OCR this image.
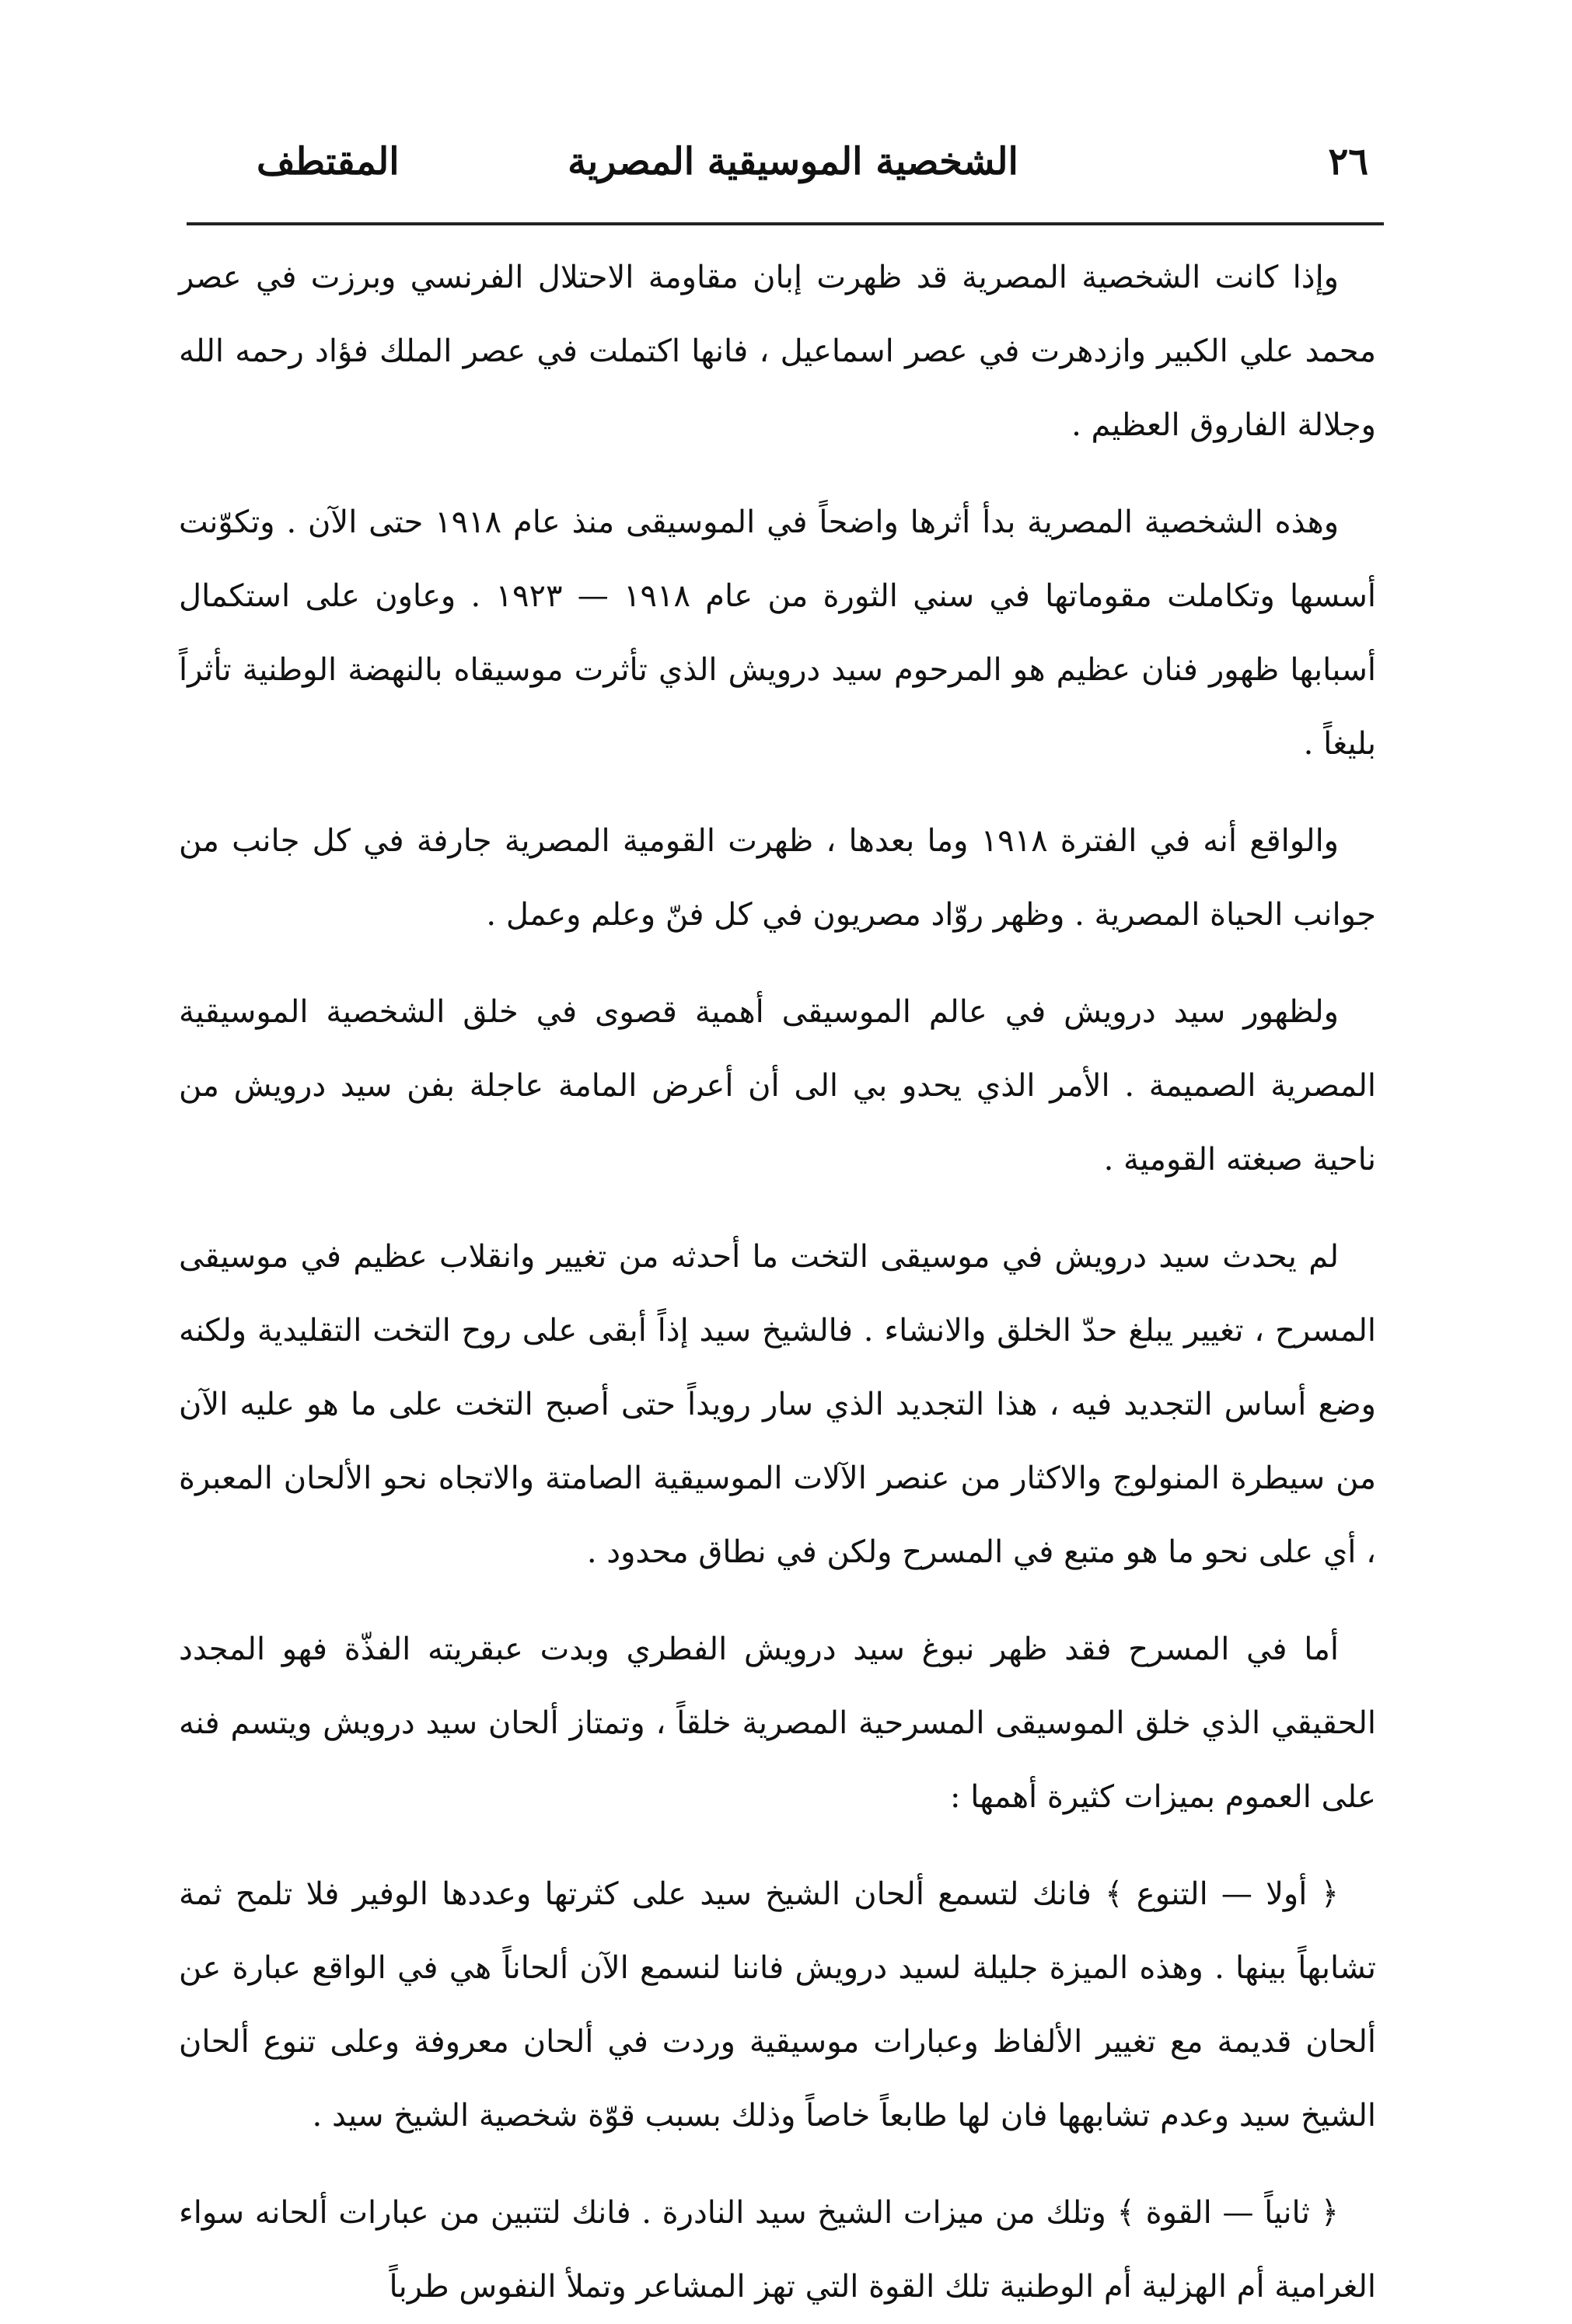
٢٦
الشخصية الموسيقية المصرية
المقتطف

وإذا كانت الشخصية المصرية قد ظهرت إبان مقاومة الاحتلال الفرنسي وبرزت في عصر محمد علي الكبير وازدهرت في عصر اسماعيل ، فانها اكتملت في عصر الملك فؤاد رحمه الله وجلالة الفاروق العظيم .

وهذه الشخصية المصرية بدأ أثرها واضحاً في الموسيقى منذ عام ١٩١٨ حتى الآن . وتكوّنت أسسها وتكاملت مقوماتها في سني الثورة من عام ١٩١٨ — ١٩٢٣ . وعاون على استكمال أسبابها ظهور فنان عظيم هو المرحوم سيد درويش الذي تأثرت موسيقاه بالنهضة الوطنية تأثراً بليغاً .

والواقع أنه في الفترة ١٩١٨ وما بعدها ، ظهرت القومية المصرية جارفة في كل جانب من جوانب الحياة المصرية . وظهر روّاد مصريون في كل فنّ وعلم وعمل .

ولظهور سيد درويش في عالم الموسيقى أهمية قصوى في خلق الشخصية الموسيقية المصرية الصميمة . الأمر الذي يحدو بي الى أن أعرض المامة عاجلة بفن سيد درويش من ناحية صبغته القومية .

لم يحدث سيد درويش في موسيقى التخت ما أحدثه من تغيير وانقلاب عظيم في موسيقى المسرح ، تغيير يبلغ حدّ الخلق والانشاء . فالشيخ سيد إذاً أبقى على روح التخت التقليدية ولكنه وضع أساس التجديد فيه ، هذا التجديد الذي سار رويداً حتى أصبح التخت على ما هو عليه الآن من سيطرة المنولوج والاكثار من عنصر الآلات الموسيقية الصامتة والاتجاه نحو الألحان المعبرة ، أي على نحو ما هو متبع في المسرح ولكن في نطاق محدود .

أما في المسرح فقد ظهر نبوغ سيد درويش الفطري وبدت عبقريته الفذّة فهو المجدد الحقيقي الذي خلق الموسيقى المسرحية المصرية خلقاً ، وتمتاز ألحان سيد درويش ويتسم فنه على العموم بميزات كثيرة أهمها :

﴿ أولا — التنوع ﴾ فانك لتسمع ألحان الشيخ سيد على كثرتها وعددها الوفير فلا تلمح ثمة تشابهاً بينها . وهذه الميزة جليلة لسيد درويش فاننا لنسمع الآن ألحاناً هي في الواقع عبارة عن ألحان قديمة مع تغيير الألفاظ وعبارات موسيقية وردت في ألحان معروفة وعلى تنوع ألحان الشيخ سيد وعدم تشابهها فان لها طابعاً خاصاً وذلك بسبب قوّة شخصية الشيخ سيد .

﴿ ثانياً — القوة ﴾ وتلك من ميزات الشيخ سيد النادرة . فانك لتتبين من عبارات ألحانه سواء الغرامية أم الهزلية أم الوطنية تلك القوة التي تهز المشاعر وتملأ النفوس طرباً
